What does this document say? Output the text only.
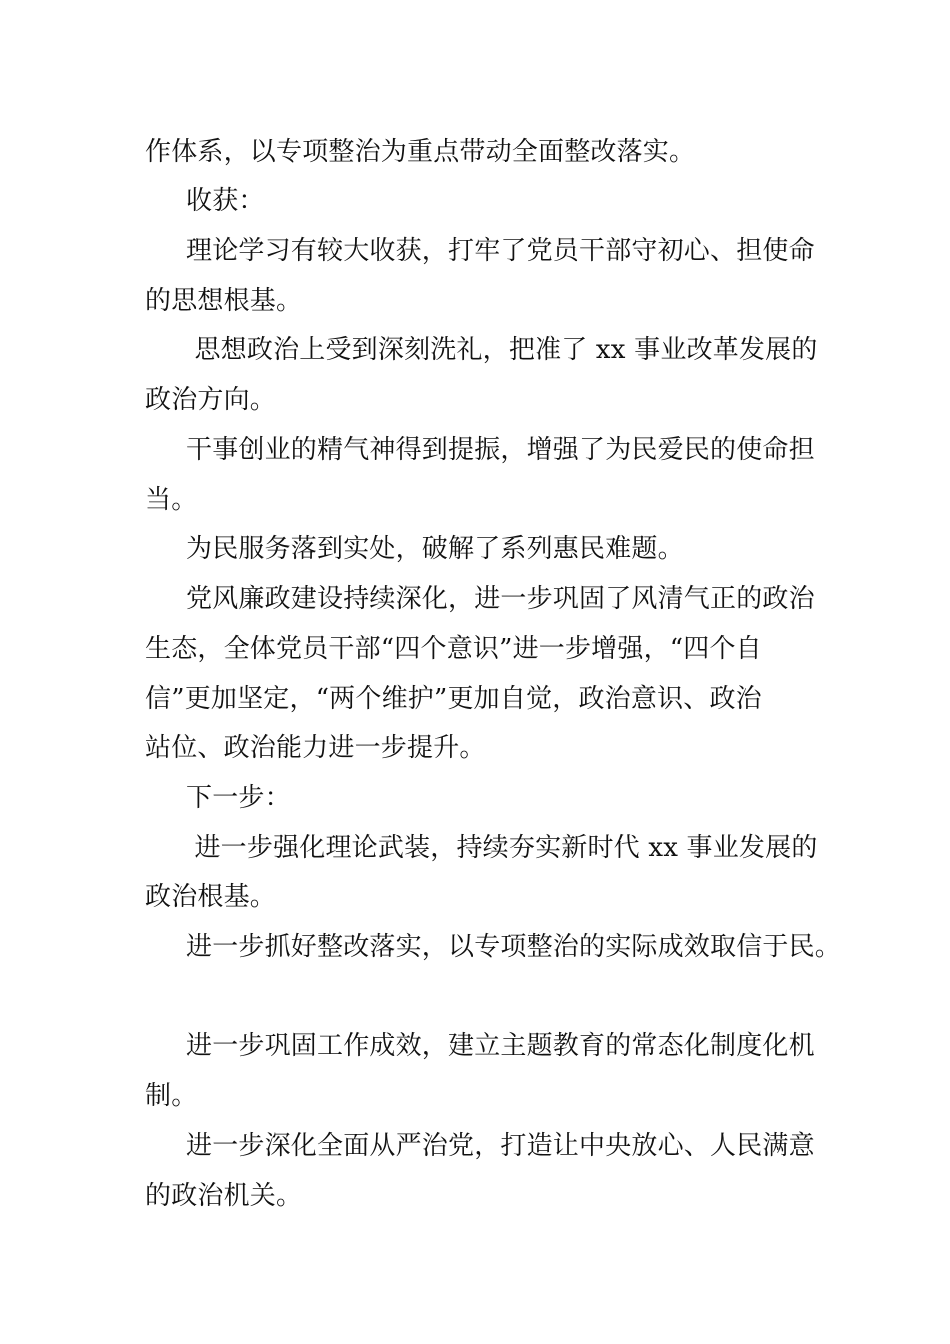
作体系，以专项整治为重点带动全面整改落实。
收获：
理论学习有较大收获，打牢了党员干部守初心、担使命
的思想根基。
思想政治上受到深刻洗礼，把准了 xx 事业改革发展的
政治方向。
干事创业的精气神得到提振，增强了为民爱民的使命担
当。
为民服务落到实处，破解了系列惠民难题。
党风廉政建设持续深化，进一步巩固了风清气正的政治
生态，全体党员干部“四个意识”进一步增强，“四个自
信”更加坚定，“两个维护”更加自觉，政治意识、政治
站位、政治能力进一步提升。
下一步：
进一步强化理论武装，持续夯实新时代 xx 事业发展的
政治根基。
进一步抓好整改落实，以专项整治的实际成效取信于民。
进一步巩固工作成效，建立主题教育的常态化制度化机
制。
进一步深化全面从严治党，打造让中央放心、人民满意
的政治机关。
